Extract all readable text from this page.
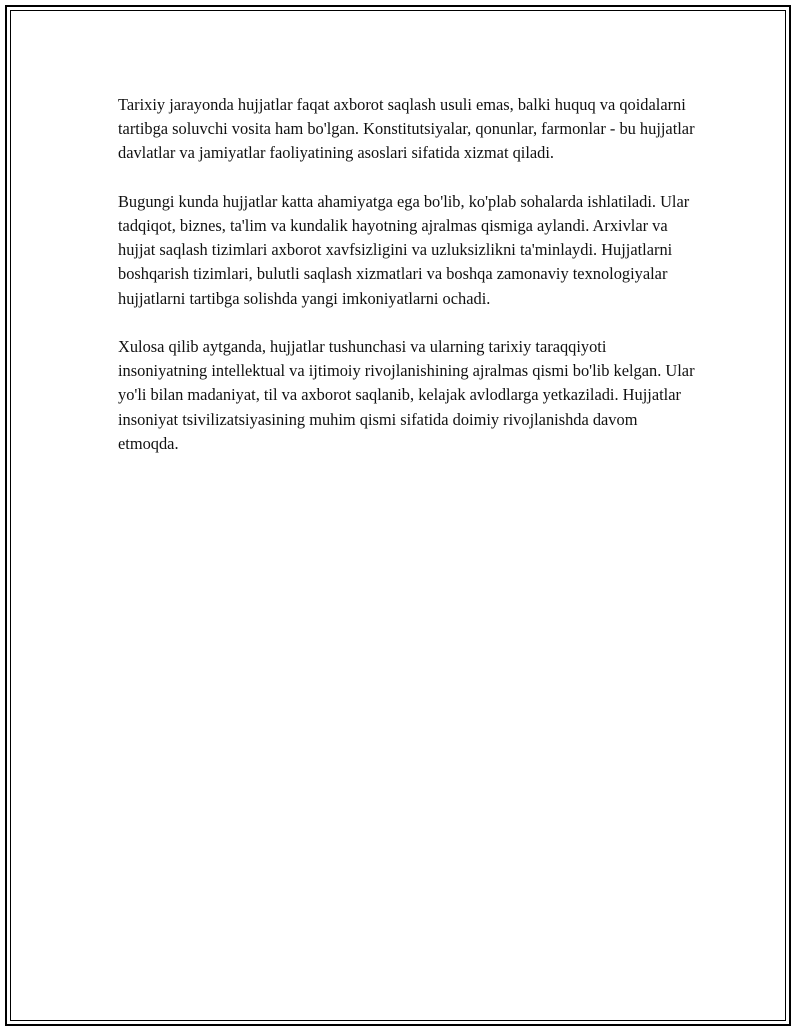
Tarixiy jarayonda hujjatlar faqat axborot saqlash usuli emas, balki huquq va qoidalarni tartibga soluvchi vosita ham bo'lgan. Konstitutsiyalar, qonunlar, farmonlar - bu hujjatlar davlatlar va jamiyatlar faoliyatining asoslari sifatida xizmat qiladi.

Bugungi kunda hujjatlar katta ahamiyatga ega bo'lib, ko'plab sohalarda ishlatiladi. Ular tadqiqot, biznes, ta'lim va kundalik hayotning ajralmas qismiga aylandi. Arxivlar va hujjat saqlash tizimlari axborot xavfsizligini va uzluksizlikni ta'minlaydi. Hujjatlarni boshqarish tizimlari, bulutli saqlash xizmatlari va boshqa zamonaviy texnologiyalar hujjatlarni tartibga solishda yangi imkoniyatlarni ochadi.

Xulosa qilib aytganda, hujjatlar tushunchasi va ularning tarixiy taraqqiyoti insoniyatning intellektual va ijtimoiy rivojlanishining ajralmas qismi bo'lib kelgan. Ular yo'li bilan madaniyat, til va axborot saqlanib, kelajak avlodlarga yetkaziladi. Hujjatlar insoniyat tsivilizatsiyasining muhim qismi sifatida doimiy rivojlanishda davom etmoqda.
